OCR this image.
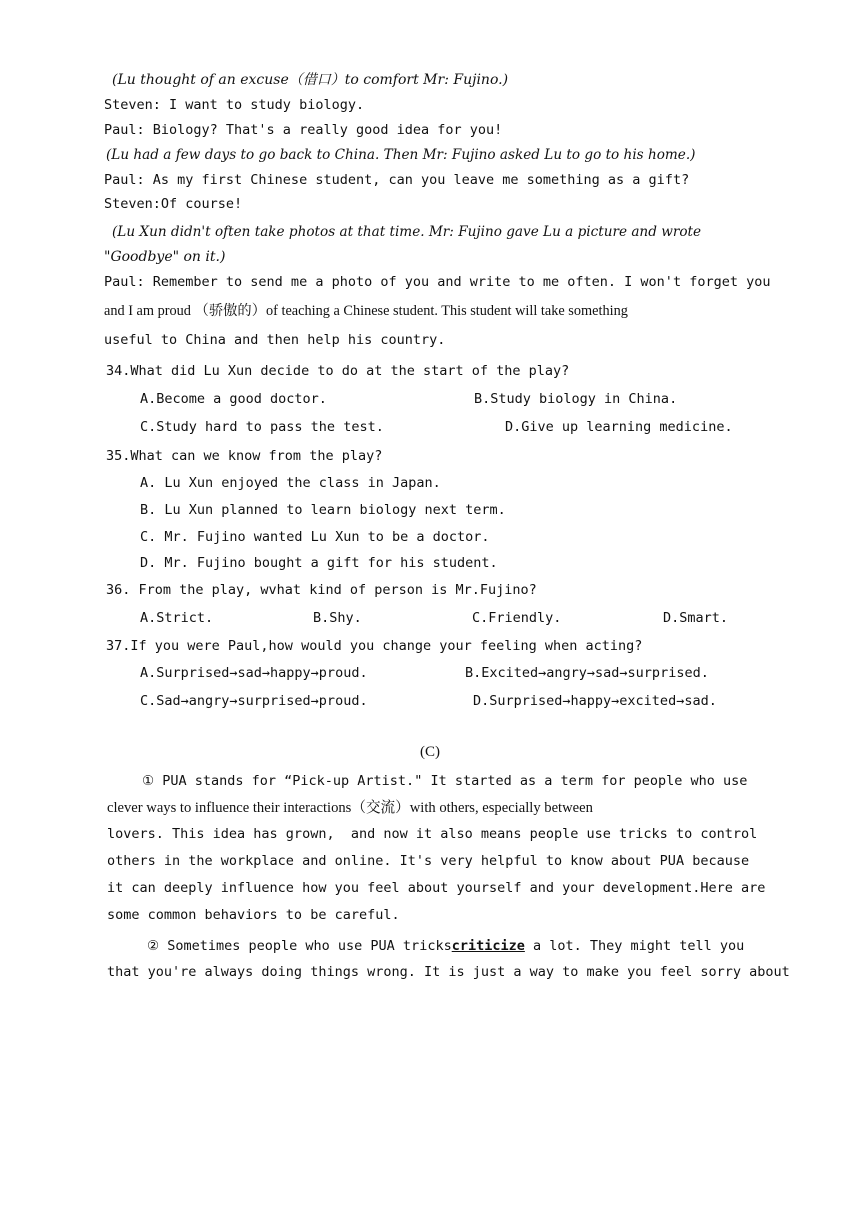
(Lu thought of an excuse（借口）to comfort Mr: Fujino.)
Steven: I want to study biology.
Paul: Biology? That's a really good idea for you!
(Lu had a few days to go back to China. Then Mr: Fujino asked Lu to go to his home.)
Paul: As my first Chinese student, can you leave me something as a gift?
Steven:Of course!
(Lu Xun didn't often take photos at that time. Mr: Fujino gave Lu a picture and wrote
"Goodbye" on it.)
Paul: Remember to send me a photo of you and write to me often. I won't forget you
and I am proud （骄傲的）of teaching a Chinese student. This student will take something
useful to China and then help his country.
34.What did Lu Xun decide to do at the start of the play?
A.Become a good doctor.	B.Study biology in China.
C.Study hard to pass the test.	D.Give up learning medicine.
35.What can we know from the play?
A. Lu Xun enjoyed the class in Japan.
B. Lu Xun planned to learn biology next term.
C. Mr. Fujino wanted Lu Xun to be a doctor.
D. Mr. Fujino bought a gift for his student.
36. From the play, wvhat kind of person is Mr.Fujino?
A.Strict.	B.Shy.	C.Friendly.	D.Smart.
37.If you were Paul,how would you change your feeling when acting?
A.Surprised→sad→happy→proud.	B.Excited→angry→sad→surprised.
C.Sad→angry→surprised→proud.	D.Surprised→happy→excited→sad.
(C)
① PUA stands for “Pick-up Artist." It started as a term for people who use
clever ways to influence their interactions（交流）with others, especially between
lovers. This idea has grown,  and now it also means people use tricks to control
others in the workplace and online. It's very helpful to know about PUA because
it can deeply influence how you feel about yourself and your development.Here are
some common behaviors to be careful.
② Sometimes people who use PUA trickscriticize a lot. They might tell you
that you're always doing things wrong. It is just a way to make you feel sorry about
